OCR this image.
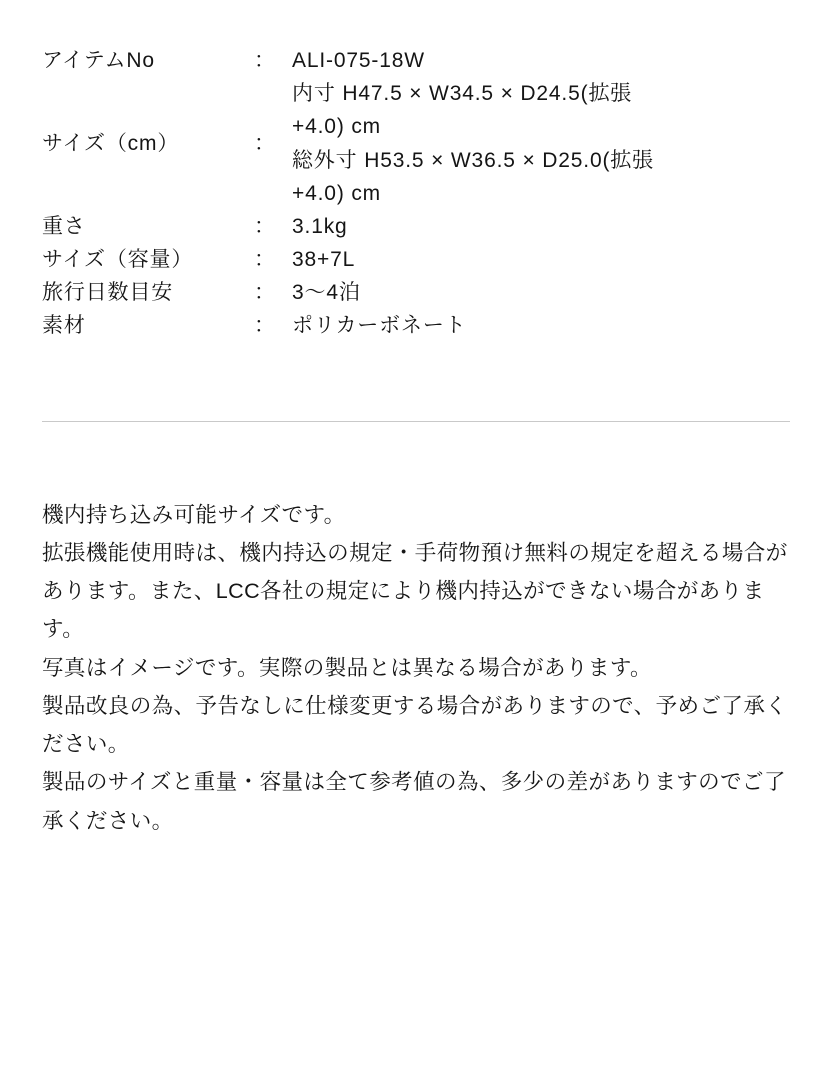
アイテムNo	：	ALI-075-18W
サイズ（cm）	：	内寸 H47.5 × W34.5 × D24.5(拡張
+4.0) cm
総外寸 H53.5 × W36.5 × D25.0(拡張
+4.0) cm

重さ	：	3.1kg
サイズ（容量）	：	38+7L
旅行日数目安	：	3〜4泊
素材	：	ポリカーボネート

機内持ち込み可能サイズです。

拡張機能使用時は、機内持込の規定・手荷物預け無料の規定を超える場合があります。また、LCC各社の規定により機内持込ができない場合があります。

写真はイメージです。実際の製品とは異なる場合があります。

製品改良の為、予告なしに仕様変更する場合がありますので、予めご了承ください。

製品のサイズと重量・容量は全て参考値の為、多少の差がありますのでご了承ください。
